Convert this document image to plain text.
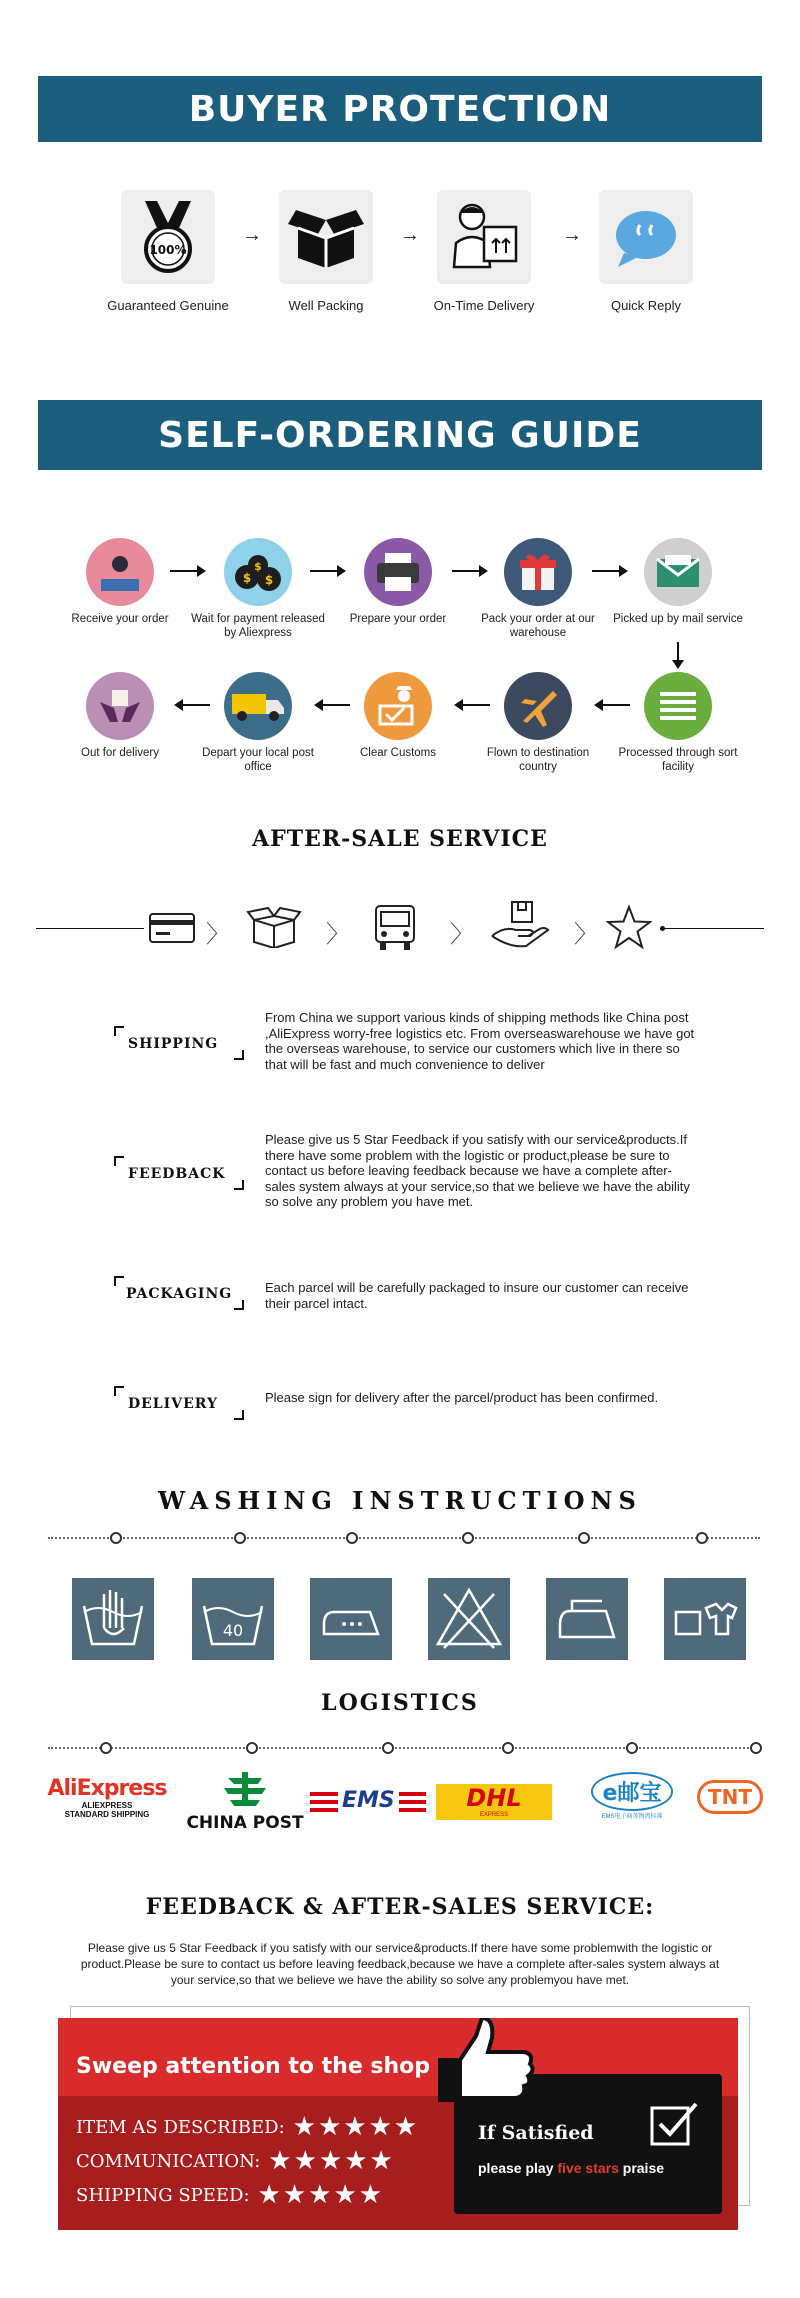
BUYER PROTECTION
100%
Guaranteed Genuine
→
Well Packing
→
On-Time Delivery
→
Quick Reply
SELF-ORDERING GUIDE
Receive your order
$ $
$
Wait for payment released by Aliexpress
Prepare your order	Pack your order at our warehouse
Picked up by mail service
Out for delivery	Depart your local post office
Clear Customs	Flown to destination country
Processed through sort facility
AFTER-SALE SERVICE
〉	〉	〉	〉
SHIPPING
From China we support various kinds of shipping methods like China post ,AliExpress worry-free logistics etc. From overseaswarehouse we have got the overseas warehouse, to service our customers which live in there so that will be fast and much convenience to deliver
FEEDBACK
Please give us 5 Star Feedback if you satisfy with our service&products.If there have some problem with the logistic or product,please be sure to contact us before leaving feedback because we have a complete after-sales system always at your service,so that we believe we have the ability so solve any problem you have met.
PACKAGING	Each parcel will be carefully packaged to insure our customer can receive their parcel intact.
DELIVERY	Please sign for delivery after the parcel/product has been confirmed.
WASHING INSTRUCTIONS
40
LOGISTICS
AliExpress
ALIEXPRESS
STANDARD SHIPPING	CHINA POST
EMS	DHL
EXPRESS
e邮宝
EMS电子商务物流标准
TNT
FEEDBACK & AFTER-SALES SERVICE:
Please give us 5 Star Feedback if you satisfy with our service&products.If there have some problemwith the logistic or product.Please be sure to contact us before leaving feedback,because we have a complete after-sales system always at your service,so that we believe we have the ability so solve any problemyou have met.
Sweep attention to the shop
ITEM AS DESCRIBED: ★★★★★
COMMUNICATION: ★★★★★
SHIPPING SPEED: ★★★★★
If Satisfied
please play five stars praise
